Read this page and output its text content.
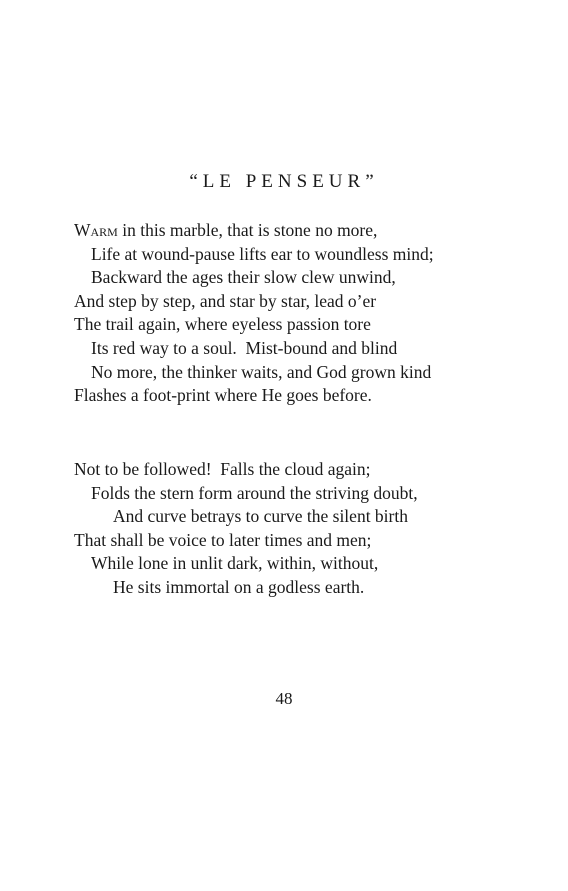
“LE PENSEUR”
Warm in this marble, that is stone no more,
Life at wound-pause lifts ear to woundless mind;
Backward the ages their slow clew unwind,
And step by step, and star by star, lead o’er
The trail again, where eyeless passion tore
Its red way to a soul.  Mist-bound and blind
No more, the thinker waits, and God grown kind
Flashes a foot-print where He goes before.
Not to be followed!  Falls the cloud again;
Folds the stern form around the striving doubt,
And curve betrays to curve the silent birth
That shall be voice to later times and men;
While lone in unlit dark, within, without,
He sits immortal on a godless earth.

48
